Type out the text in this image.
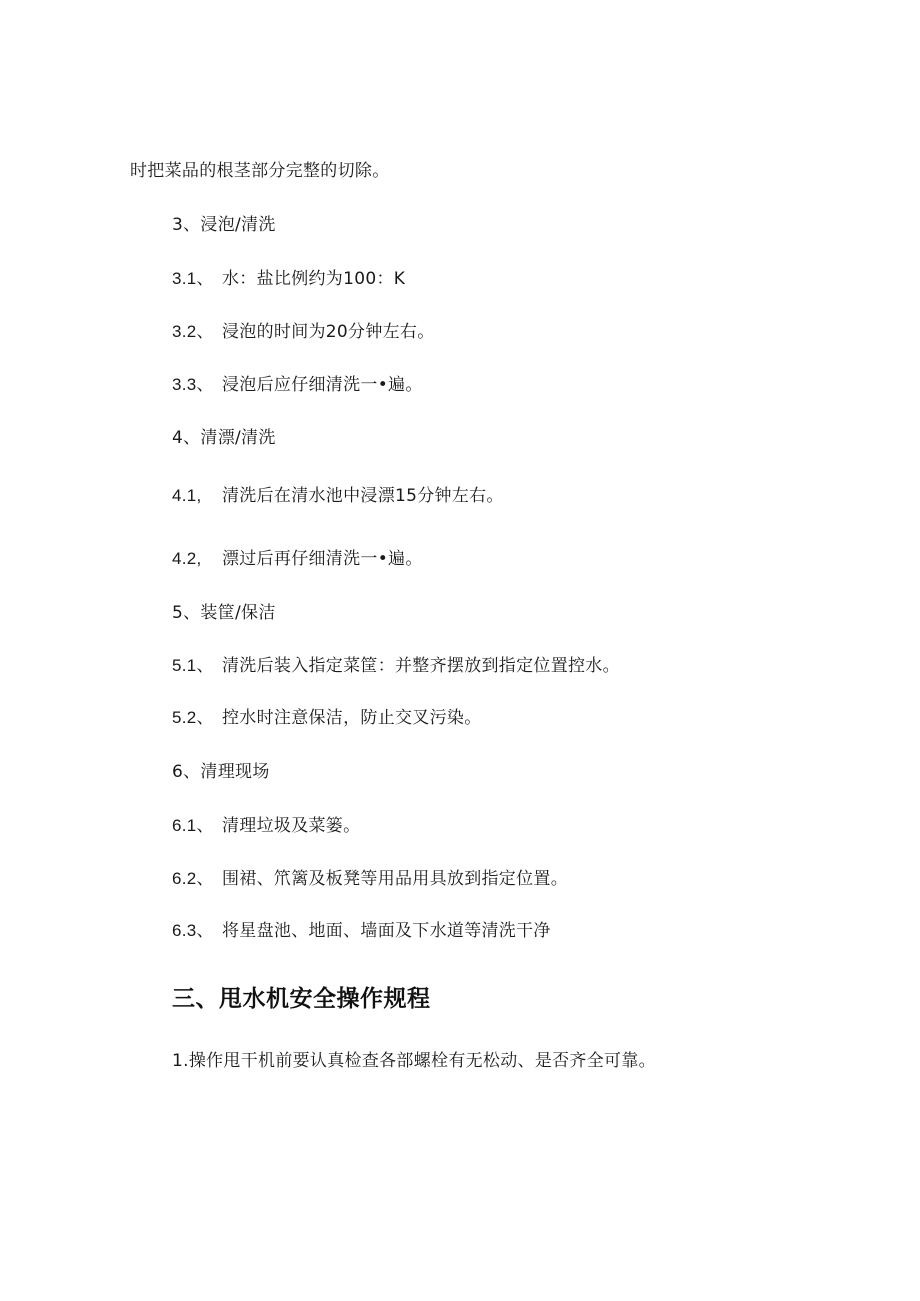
时把菜品的根茎部分完整的切除。
3、浸泡/清洗
3.1、 水：盐比例约为100：K
3.2、 浸泡的时间为20分钟左右。
3.3、 浸泡后应仔细清洗一•遍。
4、清漂/清洗
4.1, 清洗后在清水池中浸漂15分钟左右。
4.2, 漂过后再仔细清洗一•遍。
5、装筐/保洁
5.1、 清洗后装入指定菜筐：并整齐摆放到指定位置控水。
5.2、 控水时注意保洁，防止交叉污染。
6、清理现场
6.1、 清理垃圾及菜篓。
6.2、 围裙、笊篱及板凳等用品用具放到指定位置。
6.3、 将星盘池、地面、墙面及下水道等清洗干净
三、甩水机安全操作规程
1.操作甩干机前要认真检查各部螺栓有无松动、是否齐全可靠。
